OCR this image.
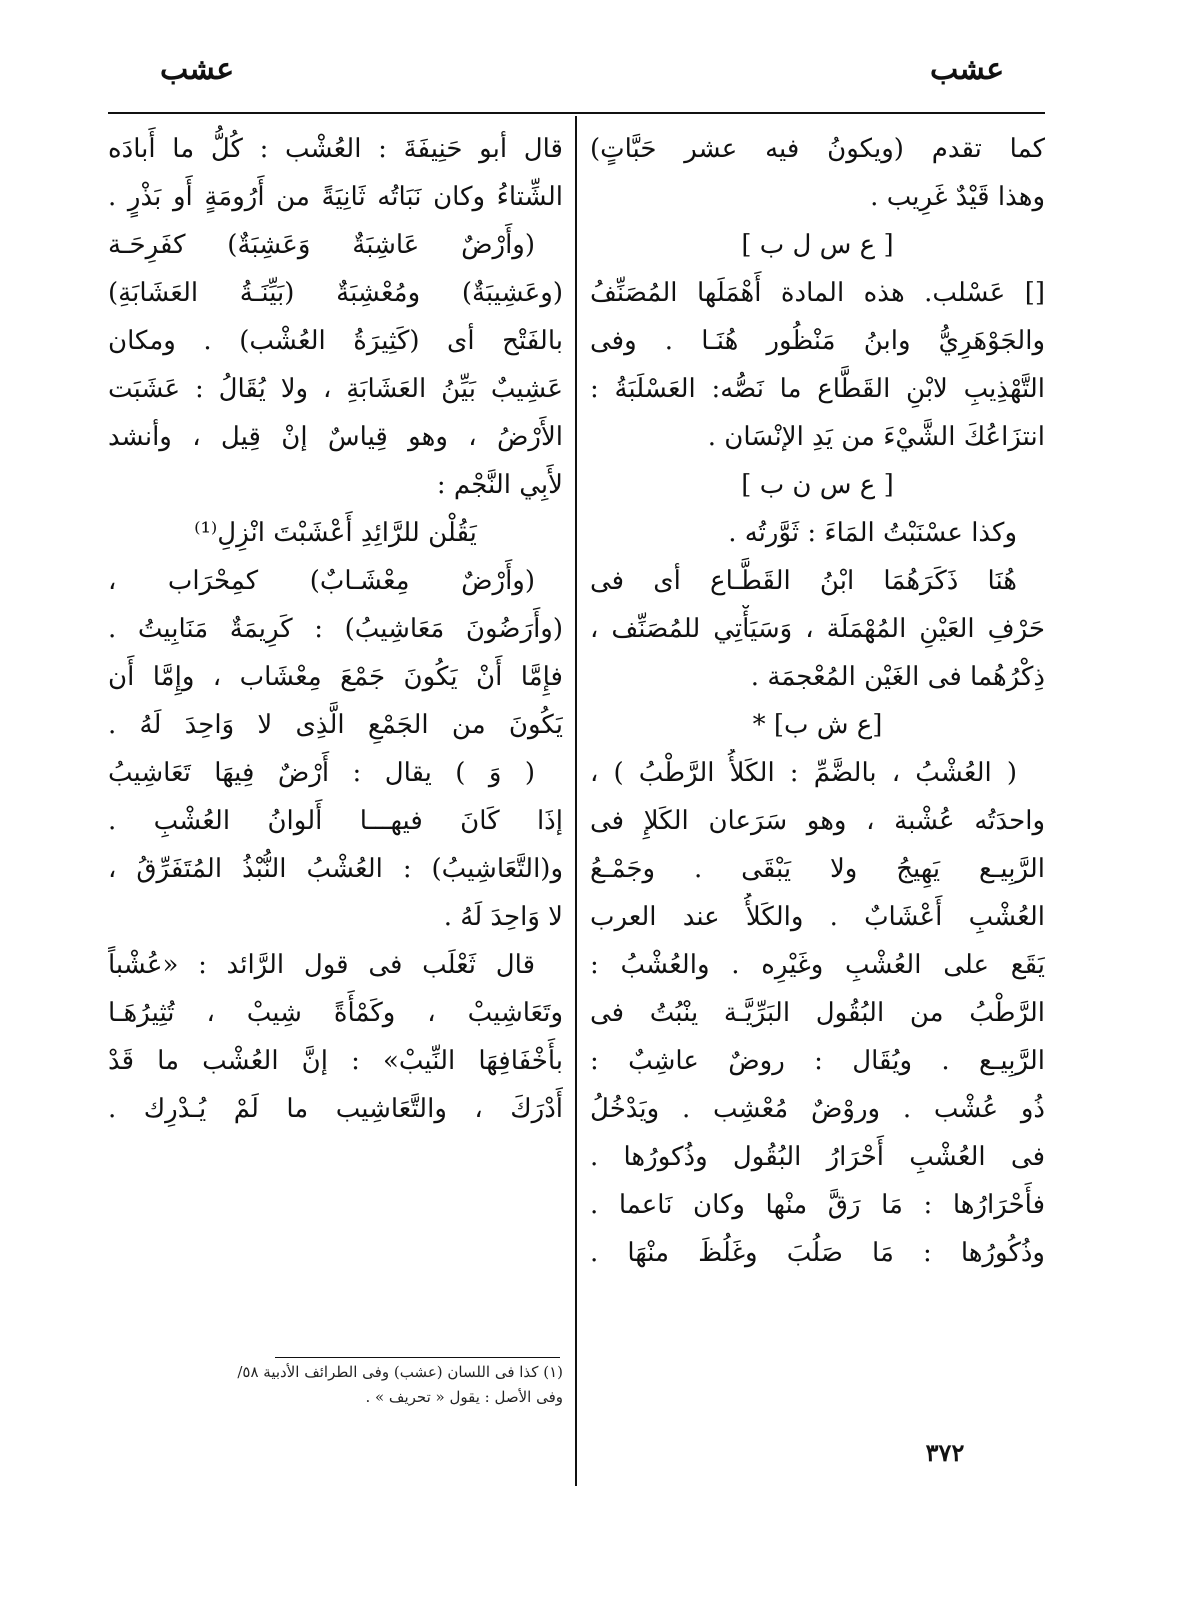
عشب
عشب
كما تقدم (ويكونُ فيه عشر حَبَّاتٍ)
وهذا قَيْدٌ غَرِيب .
[ ع س ل ب ]
[] عَسْلب. هذه المادة أَهْمَلَها المُصَنِّفُ
والجَوْهَرِيُّ وابنُ مَنْظُور هُنَـا . وفى
التَّهْذِيبِ لابْنِ القَطَّاع ما نَصُّه: العَسْلَبَةُ :
انتزَاعُكَ الشَّيْءَ من يَدِ الإنْسَان .
[ ع س ن ب ]
وكذا عسْنَبْتُ المَاءَ : ثَوَّرتُه .
هُنَا ذَكَرَهُمَا ابْنُ القَطَّـاع أى فى
حَرْفِ العَيْنِ المُهْمَلَة ، وَسَيَأْتِي للمُصَنِّف ،
ذِكْرُهُما فى الغَيْن المُعْجمَة .
[ع ش ب] *
( العُشْبُ ، بالضَّمِّ : الكَلأُ الرَّطْبُ ) ،
واحدَتُه عُشْبة ، وهو سَرَعان الكَلإِ فى
الرَّبِيـع يَهِيجُ ولا يَبْقَى . وجَمْـعُ
العُشْبِ أَعْشَابٌ . والكَلأُ عند العرب
يَقَع على العُشْبِ وغَيْرِه . والعُشْبُ :
الرَّطْبُ من البُقُول البَرِّيَّـة ينْبُتُ فى
الرَّبِيـع . ويُقَال : روضٌ عاشِبٌ :
ذُو عُشْب . وروْضٌ مُعْشِب . ويَدْخُلُ
فى العُشْبِ أَحْرَارُ البُقُول وذُكورُها .
فأَحْرَارُها : مَا رَقَّ منْها وكان نَاعما .
وذُكُورُها : مَا صَلُبَ وغَلُظَ منْهَا .
قال أبو حَنِيفَةَ : العُشْب : كُلُّ ما أَبادَه
الشِّتاءُ وكان نَبَاتُه ثَانِيَةً من أَرُومَةٍ أَو بَذْرٍ .
(وأَرْضٌ عَاشِبَةٌ وَعَشِبَةٌ) كفَرِحَـة
(وعَشِيبَةٌ) ومُعْشِبَةٌ (بَيِّنَـةُ العَشَابَةِ)
بالفَتْح أى (كَثِيرَةُ العُشْب) . ومكان
عَشِيبٌ بَيِّنُ العَشَابَةِ ، ولا يُقَالُ : عَشَبَت
الأَرْضُ ، وهو قِياسٌ إنْ قِيل ، وأنشد
لأَبِي النَّجْم :
يَقُلْن للرَّائِدِ أَعْشَبْتَ انْزِلِ⁽¹⁾
(وأَرْضٌ مِعْشَـابٌ) كمِحْرَاب ،
(وأَرَضُونَ مَعَاشِيبُ) : كَرِيمَةٌ مَنَابِيتُ .
فإِمَّا أَنْ يَكُونَ جَمْعَ مِعْشَاب ، وإِمَّا أَن
يَكُونَ من الجَمْعِ الَّذِى لا وَاحِدَ لَهُ .
( وَ ) يقال : أَرْضٌ فِيهَا تَعَاشِيبُ
إذَا كَانَ فيهـــا أَلوانُ العُشْبِ .
و(التَّعَاشِيبُ) : العُشْبُ النُّبْذُ المُتَفَرِّقُ ،
لا وَاحِدَ لَهُ .
قال ثَعْلَب فى قول الرَّائد : «عُشْباً
وتَعَاشِيبْ ، وكَمْأَةً شِيبْ ، تُثِيرُهَـا
بأَخْفَافِهَا النِّيبْ» : إنَّ العُشْب ما قَدْ
أَدْرَكَ ، والتَّعَاشِيب ما لَمْ يُـدْرِك .
(١) كذا فى اللسان (عشب) وفى الطرائف الأدبية ٥٨/
وفى الأصل : يقول « تحريف » .
٣٧٢
